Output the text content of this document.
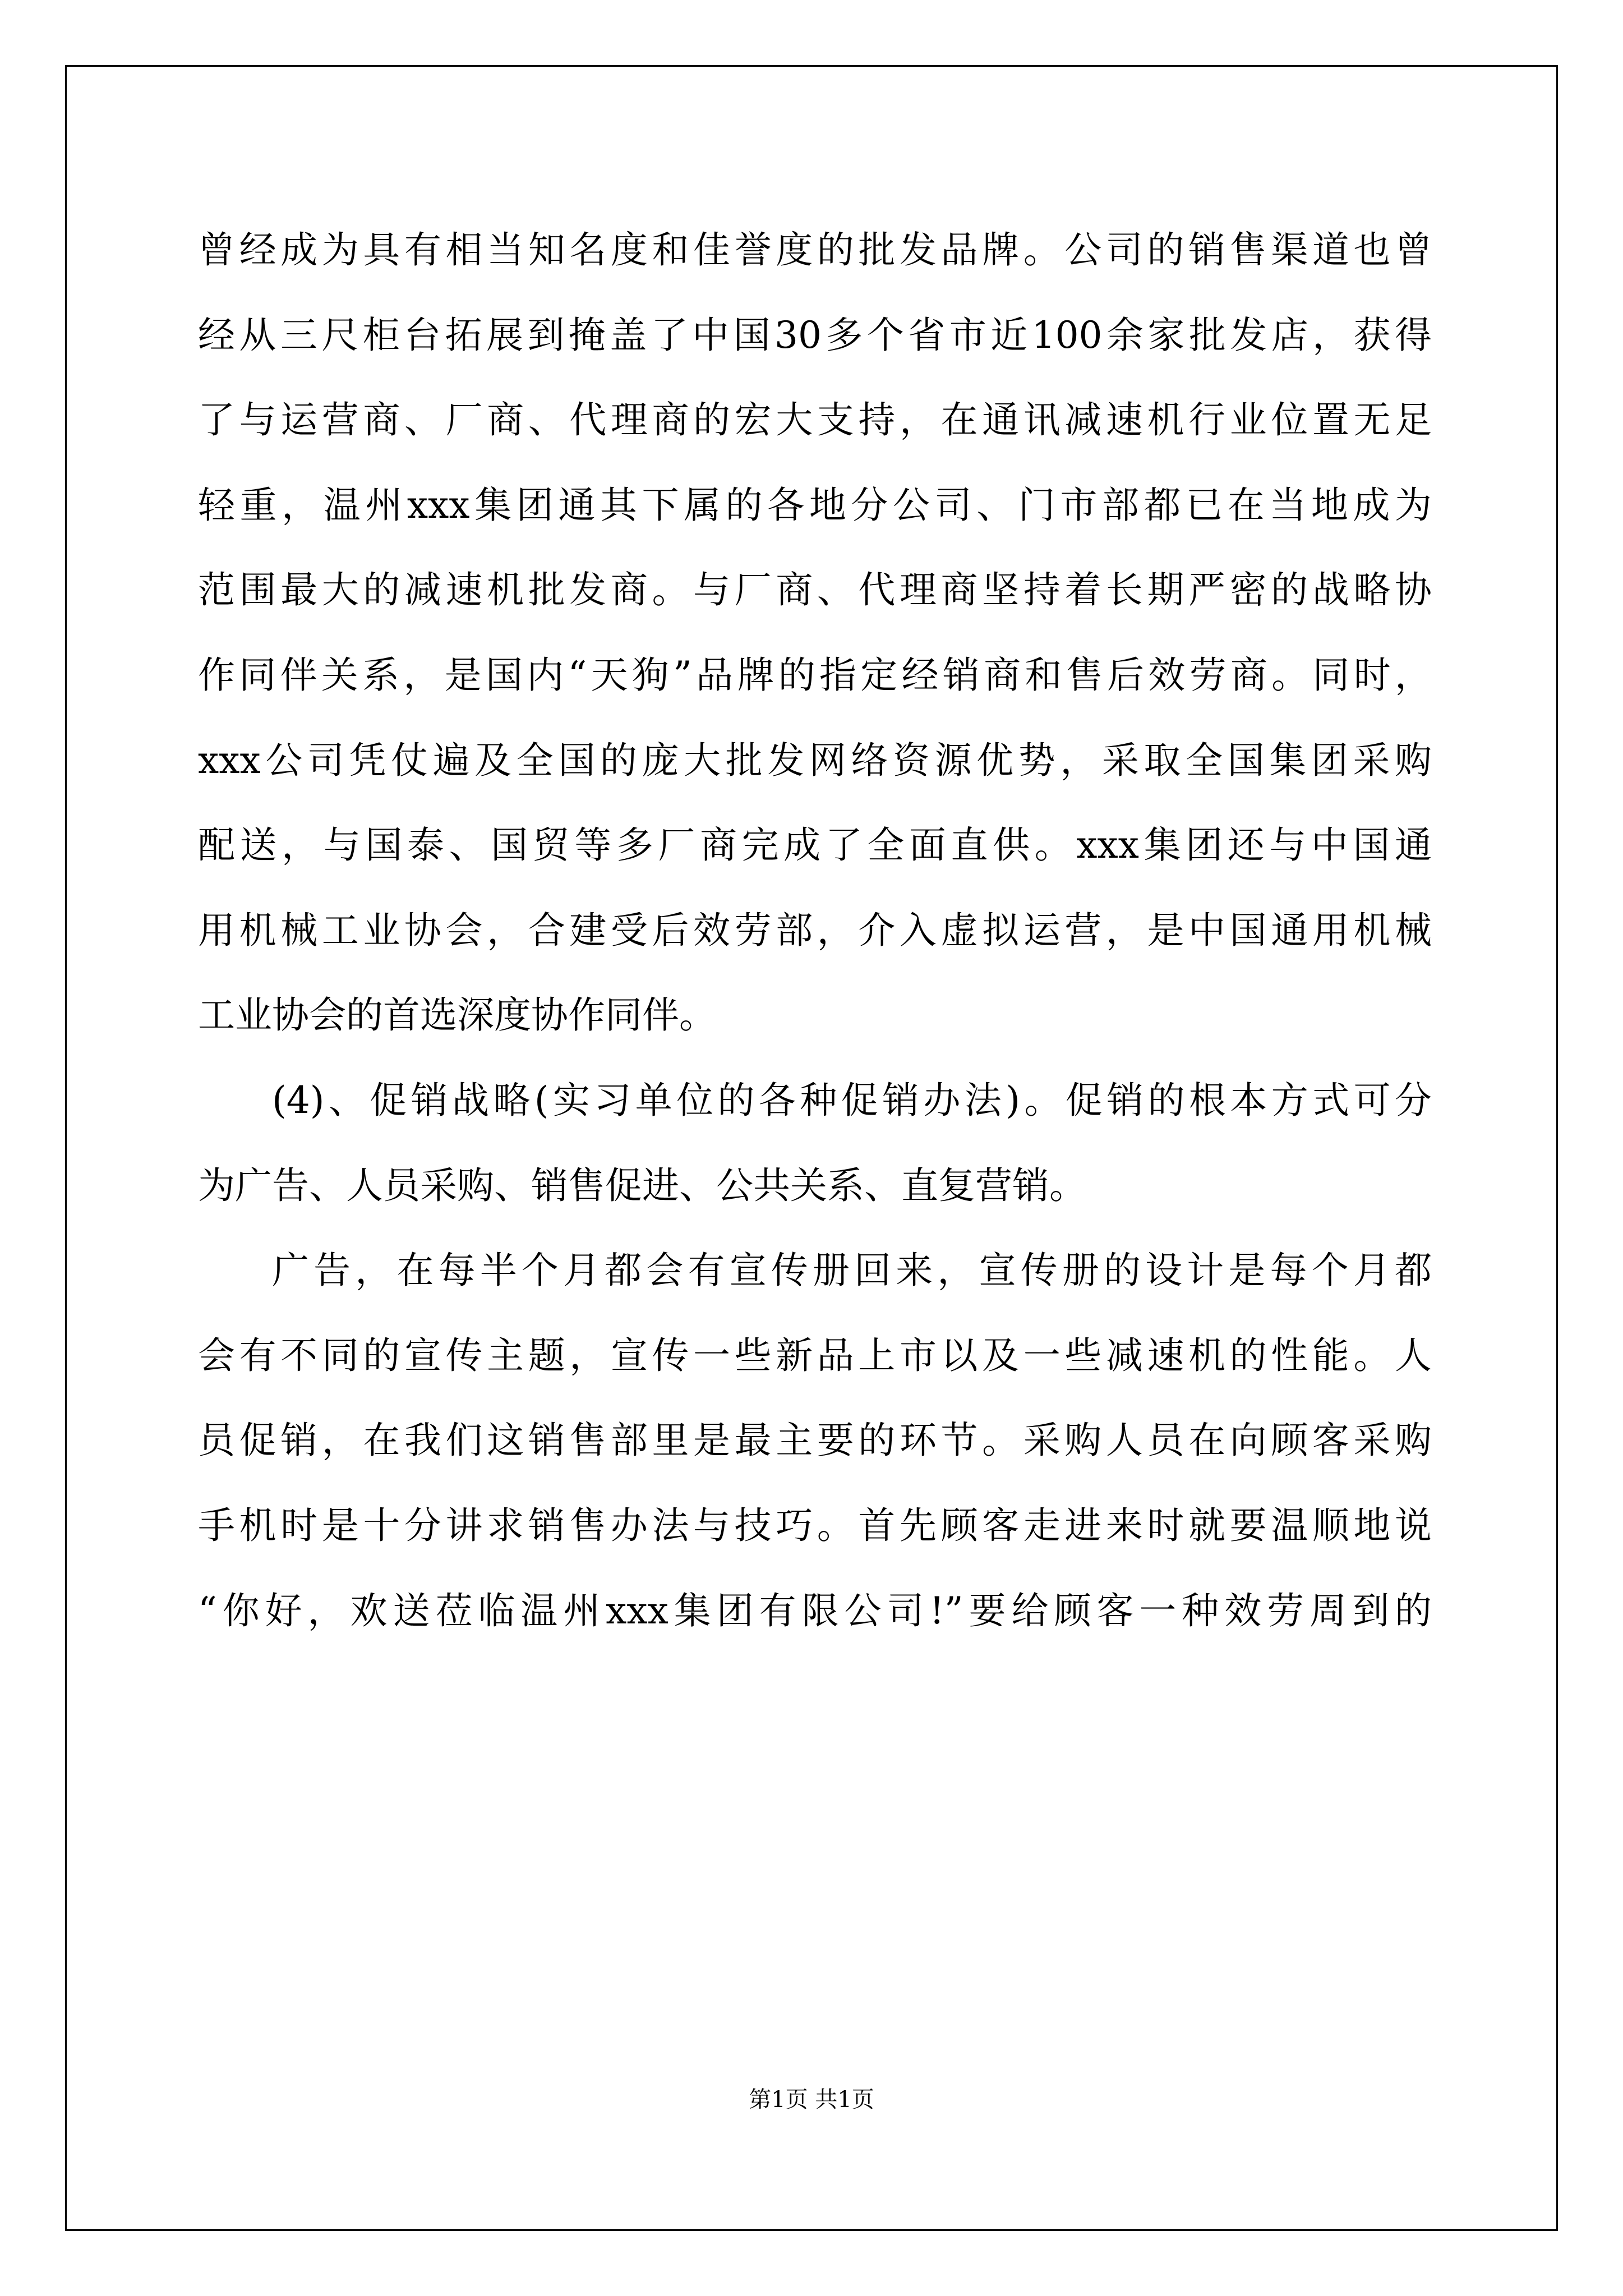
曾经成为具有相当知名度和佳誉度的批发品牌。公司的销售渠道也曾
经从三尺柜台拓展到掩盖了中国30多个省市近100余家批发店，获得
了与运营商、厂商、代理商的宏大支持，在通讯减速机行业位置无足
轻重，温州xxx集团通其下属的各地分公司、门市部都已在当地成为
范围最大的减速机批发商。与厂商、代理商坚持着长期严密的战略协
作同伴关系，是国内“天狗”品牌的指定经销商和售后效劳商。同时，
xxx公司凭仗遍及全国的庞大批发网络资源优势，采取全国集团采购
配送，与国泰、国贸等多厂商完成了全面直供。xxx集团还与中国通
用机械工业协会，合建受后效劳部，介入虚拟运营，是中国通用机械
工业协会的首选深度协作同伴。
(4)、促销战略(实习单位的各种促销办法)。促销的根本方式可分
为广告、人员采购、销售促进、公共关系、直复营销。
广告，在每半个月都会有宣传册回来，宣传册的设计是每个月都
会有不同的宣传主题，宣传一些新品上市以及一些减速机的性能。人
员促销，在我们这销售部里是最主要的环节。采购人员在向顾客采购
手机时是十分讲求销售办法与技巧。首先顾客走进来时就要温顺地说
“你好，欢送莅临温州xxx集团有限公司!”要给顾客一种效劳周到的
第1页 共1页
